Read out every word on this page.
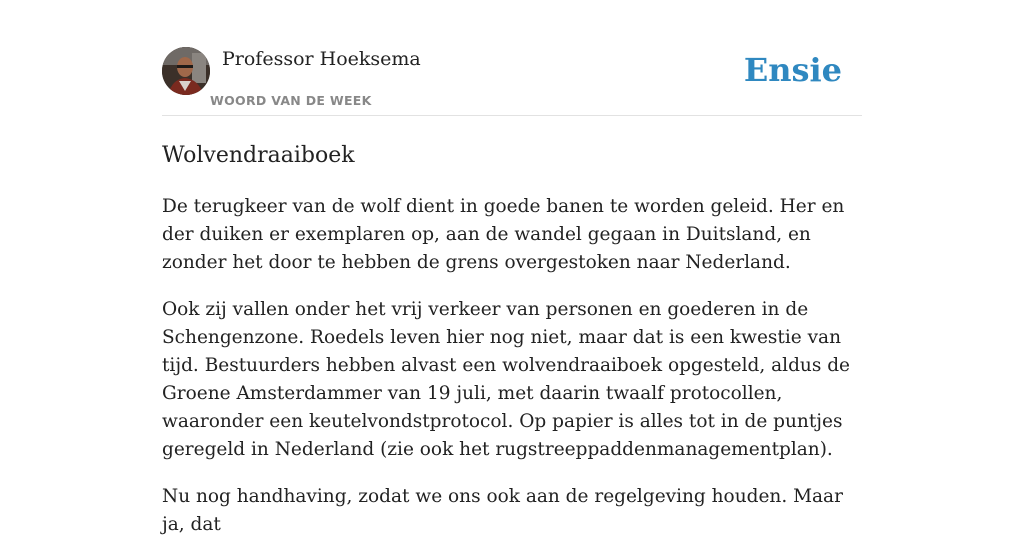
Professor Hoeksema
WOORD VAN DE WEEK
Ensie
Wolvendraaiboek

De terugkeer van de wolf dient in goede banen te worden geleid. Her en der duiken er exemplaren op, aan de wandel gegaan in Duitsland, en zonder het door te hebben de grens overgestoken naar Nederland.

Ook zij vallen onder het vrij verkeer van personen en goederen in de Schengenzone. Roedels leven hier nog niet, maar dat is een kwestie van tijd. Bestuurders hebben alvast een wolvendraaiboek opgesteld, aldus de Groene Amsterdammer van 19 juli, met daarin twaalf protocollen, waaronder een keutelvondstprotocol. Op papier is alles tot in de puntjes geregeld in Nederland (zie ook het rugstreeppaddenmanagementplan).

Nu nog handhaving, zodat we ons ook aan de regelgeving houden. Maar ja, dat
